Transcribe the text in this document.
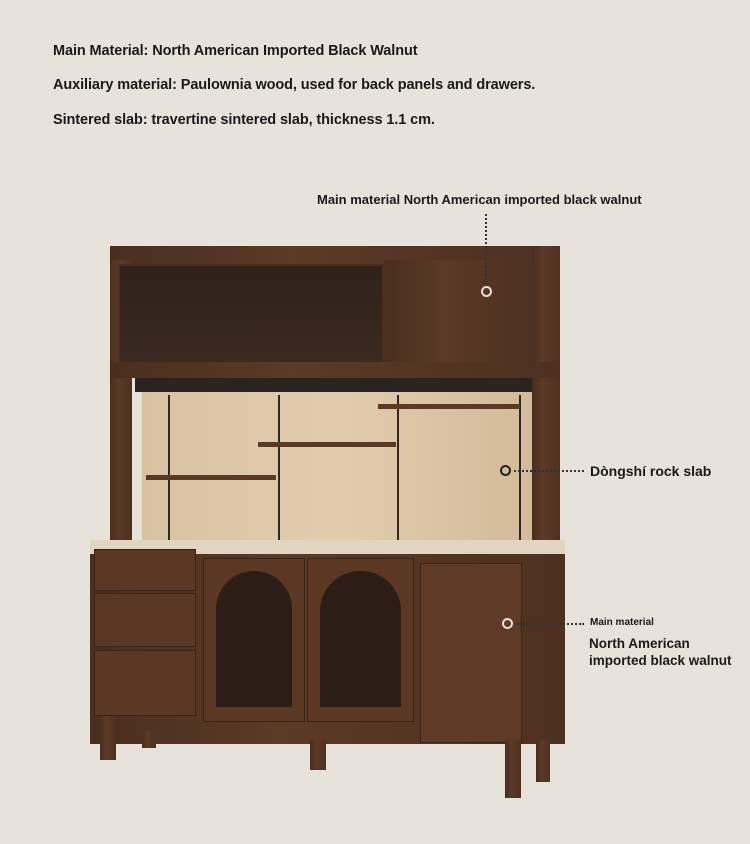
Main Material: North American Imported Black Walnut
Auxiliary material: Paulownia wood, used for back panels and drawers.
Sintered slab: travertine sintered slab, thickness 1.1 cm.
Main material North American imported black walnut
Dòngshí rock slab
Main material
North American imported black walnut
